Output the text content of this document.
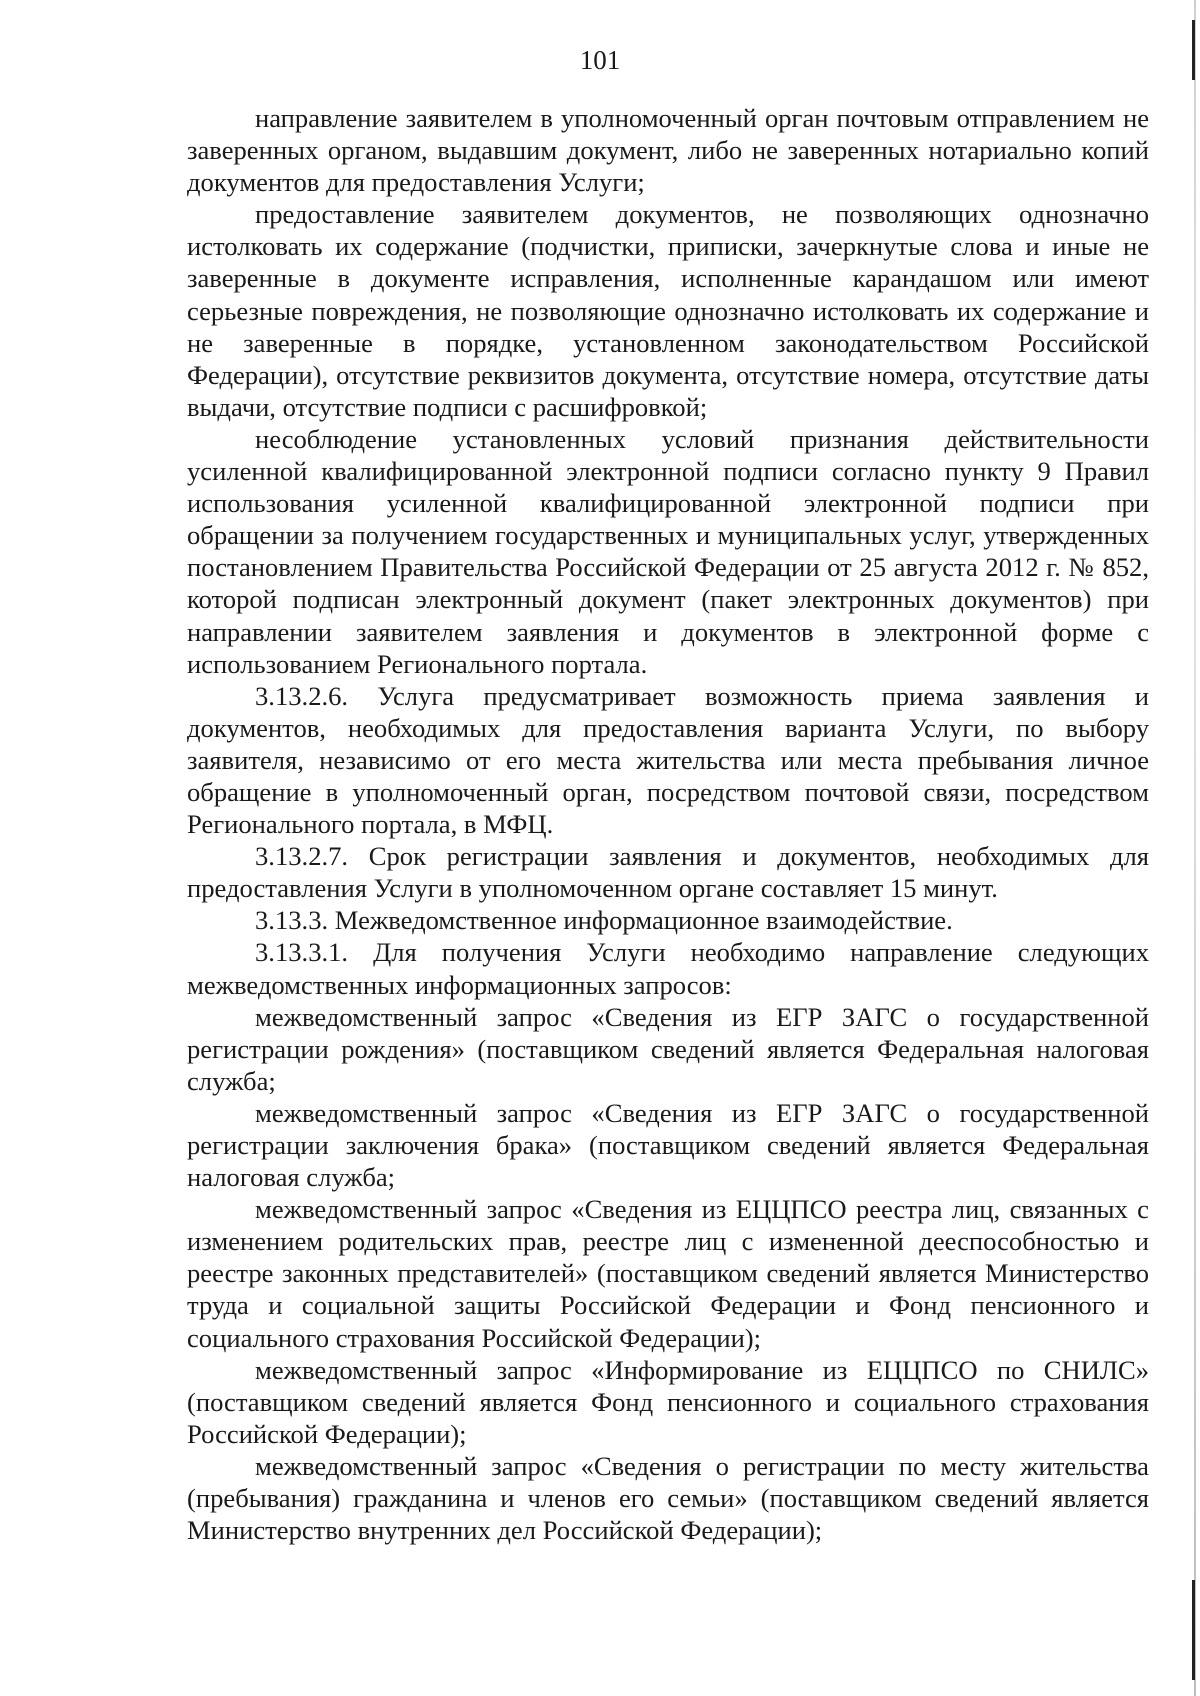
101

направление заявителем в уполномоченный орган почтовым отправлением не заверенных органом, выдавшим документ, либо не заверенных нотариально копий документов для предоставления Услуги;

предоставление заявителем документов, не позволяющих однозначно истолковать их содержание (подчистки, приписки, зачеркнутые слова и иные не заверенные в документе исправления, исполненные карандашом или имеют серьезные повреждения, не позволяющие однозначно истолковать их содержание и не заверенные в порядке, установленном законодательством Российской Федерации), отсутствие реквизитов документа, отсутствие номера, отсутствие даты выдачи, отсутствие подписи с расшифровкой;

несоблюдение установленных условий признания действительности усиленной квалифицированной электронной подписи согласно пункту 9 Правил использования усиленной квалифицированной электронной подписи при обращении за получением государственных и муниципальных услуг, утвержденных постановлением Правительства Российской Федерации от 25 августа 2012 г. № 852, которой подписан электронный документ (пакет электронных документов) при направлении заявителем заявления и документов в электронной форме с использованием Регионального портала.

3.13.2.6. Услуга предусматривает возможность приема заявления и документов, необходимых для предоставления варианта Услуги, по выбору заявителя, независимо от его места жительства или места пребывания личное обращение в уполномоченный орган, посредством почтовой связи, посредством Регионального портала, в МФЦ.

3.13.2.7. Срок регистрации заявления и документов, необходимых для предоставления Услуги в уполномоченном органе составляет 15 минут.

3.13.3. Межведомственное информационное взаимодействие.

3.13.3.1. Для получения Услуги необходимо направление следующих межведомственных информационных запросов:

межведомственный запрос «Сведения из ЕГР ЗАГС о государственной регистрации рождения» (поставщиком сведений является Федеральная налоговая служба;

межведомственный запрос «Сведения из ЕГР ЗАГС о государственной регистрации заключения брака» (поставщиком сведений является Федеральная налоговая служба;

межведомственный запрос «Сведения из ЕЦЦПСО реестра лиц, связанных с изменением родительских прав, реестре лиц с измененной дееспособностью и реестре законных представителей» (поставщиком сведений является Министерство труда и социальной защиты Российской Федерации и Фонд пенсионного и социального страхования Российской Федерации);

межведомственный запрос «Информирование из ЕЦЦПСО по СНИЛС» (поставщиком сведений является Фонд пенсионного и социального страхования Российской Федерации);

межведомственный запрос «Сведения о регистрации по месту жительства (пребывания) гражданина и членов его семьи» (поставщиком сведений является Министерство внутренних дел Российской Федерации);
